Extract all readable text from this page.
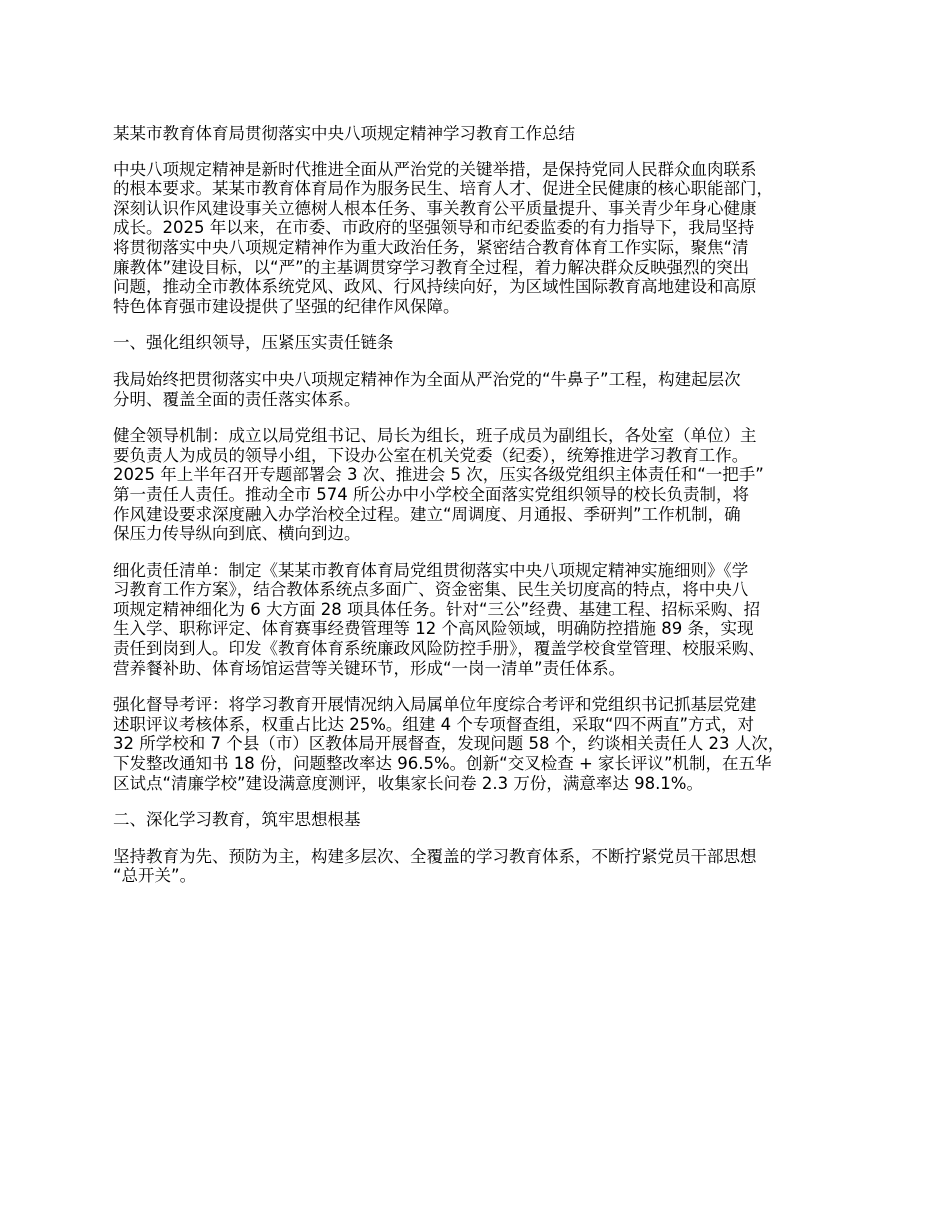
某某市教育体育局贯彻落实中央八项规定精神学习教育工作总结
中央八项规定精神是新时代推进全面从严治党的关键举措，是保持党同人民群众血肉联系
的根本要求。某某市教育体育局作为服务民生、培育人才、促进全民健康的核心职能部门，
深刻认识作风建设事关立德树人根本任务、事关教育公平质量提升、事关青少年身心健康
成长。2025 年以来，在市委、市政府的坚强领导和市纪委监委的有力指导下，我局坚持
将贯彻落实中央八项规定精神作为重大政治任务，紧密结合教育体育工作实际，聚焦“清
廉教体”建设目标，以“严”的主基调贯穿学习教育全过程，着力解决群众反映强烈的突出
问题，推动全市教体系统党风、政风、行风持续向好，为区域性国际教育高地建设和高原
特色体育强市建设提供了坚强的纪律作风保障。
一、强化组织领导，压紧压实责任链条
我局始终把贯彻落实中央八项规定精神作为全面从严治党的“牛鼻子”工程，构建起层次
分明、覆盖全面的责任落实体系。
健全领导机制：成立以局党组书记、局长为组长，班子成员为副组长，各处室（单位）主
要负责人为成员的领导小组，下设办公室在机关党委（纪委），统筹推进学习教育工作。
2025 年上半年召开专题部署会 3 次、推进会 5 次，压实各级党组织主体责任和“一把手”
第一责任人责任。推动全市 574 所公办中小学校全面落实党组织领导的校长负责制，将
作风建设要求深度融入办学治校全过程。建立“周调度、月通报、季研判”工作机制，确
保压力传导纵向到底、横向到边。
细化责任清单：制定《某某市教育体育局党组贯彻落实中央八项规定精神实施细则》《学
习教育工作方案》，结合教体系统点多面广、资金密集、民生关切度高的特点，将中央八
项规定精神细化为 6 大方面 28 项具体任务。针对“三公”经费、基建工程、招标采购、招
生入学、职称评定、体育赛事经费管理等 12 个高风险领域，明确防控措施 89 条，实现
责任到岗到人。印发《教育体育系统廉政风险防控手册》，覆盖学校食堂管理、校服采购、
营养餐补助、体育场馆运营等关键环节，形成“一岗一清单”责任体系。
强化督导考评：将学习教育开展情况纳入局属单位年度综合考评和党组织书记抓基层党建
述职评议考核体系，权重占比达 25%。组建 4 个专项督查组，采取“四不两直”方式，对
32 所学校和 7 个县（市）区教体局开展督查，发现问题 58 个，约谈相关责任人 23 人次，
下发整改通知书 18 份，问题整改率达 96.5%。创新“交叉检查 + 家长评议”机制，在五华
区试点“清廉学校”建设满意度测评，收集家长问卷 2.3 万份，满意率达 98.1%。
二、深化学习教育，筑牢思想根基
坚持教育为先、预防为主，构建多层次、全覆盖的学习教育体系，不断拧紧党员干部思想
“总开关”。
